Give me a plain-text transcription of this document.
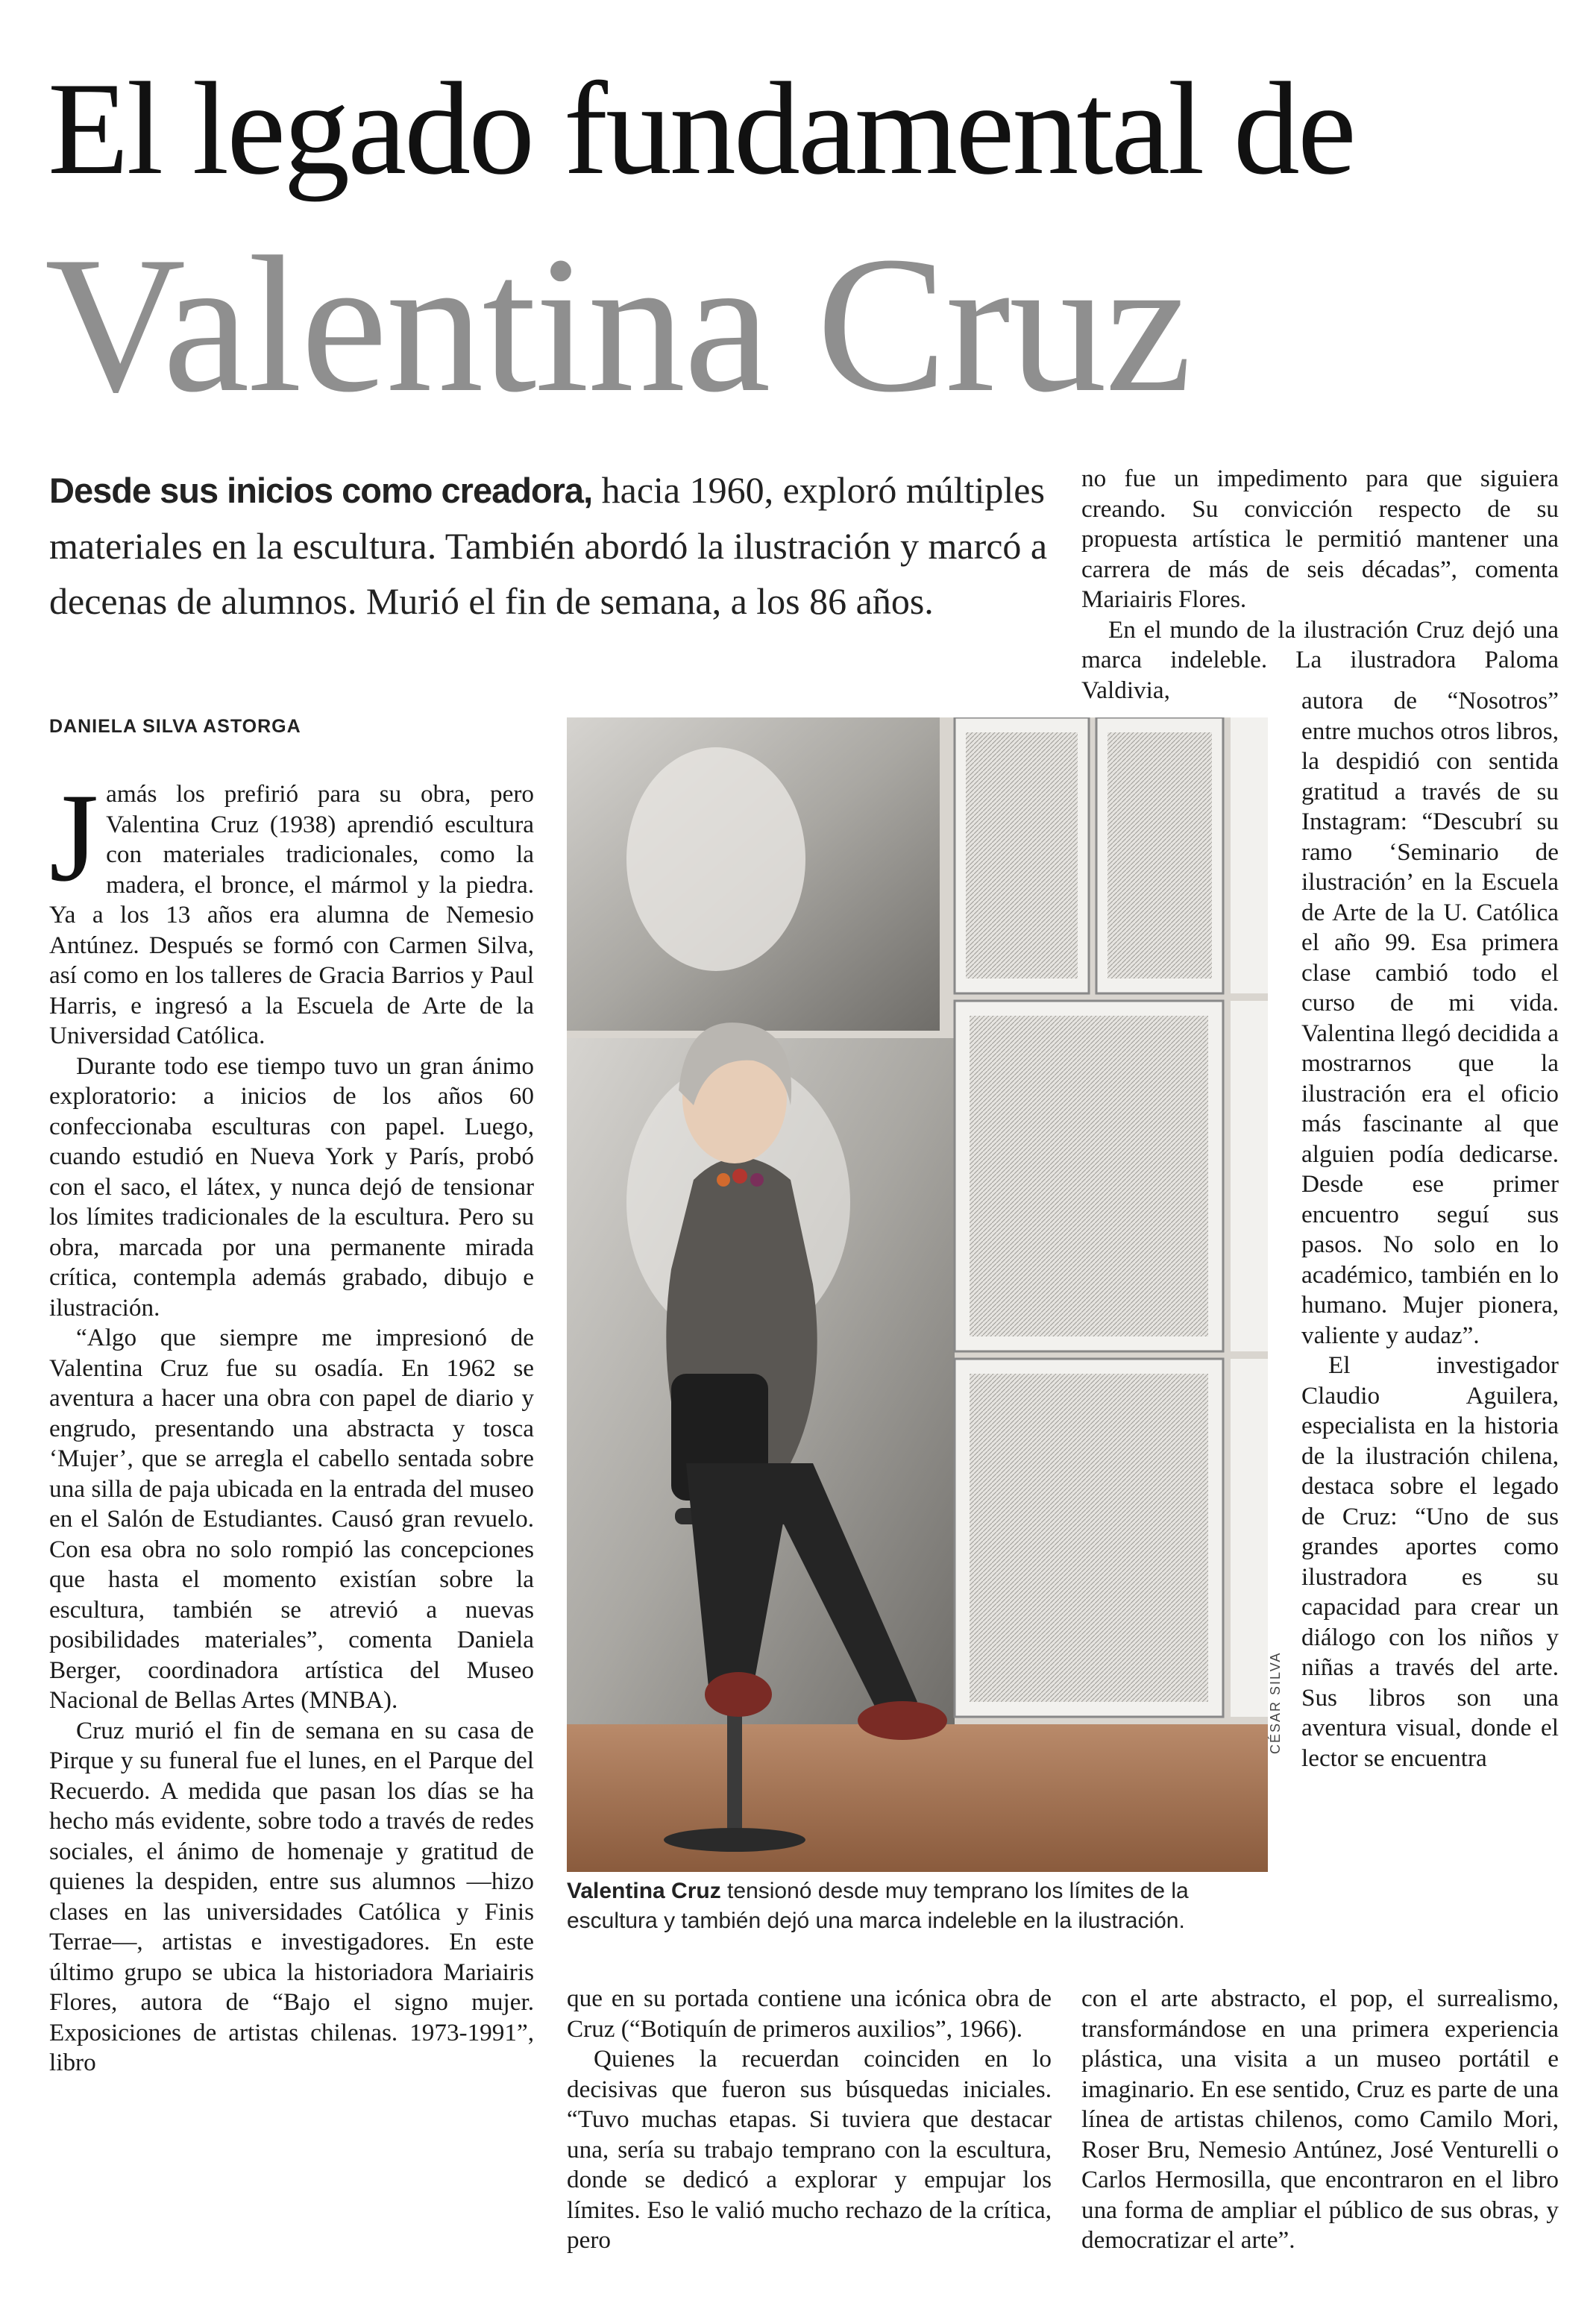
El legado fundamental de
Valentina Cruz
Desde sus inicios como creadora, hacia 1960, exploró múltiples materiales en la escultura. También abordó la ilustración y marcó a decenas de alumnos. Murió el fin de semana, a los 86 años.
DANIELA SILVA ASTORGA

Jamás los prefirió para su obra, pero Valentina Cruz (1938) aprendió escultura con materiales tradicionales, como la madera, el bronce, el mármol y la piedra. Ya a los 13 años era alumna de Nemesio Antúnez. Después se formó con Carmen Silva, así como en los talleres de Gracia Barrios y Paul Harris, e ingresó a la Escuela de Arte de la Universidad Católica.

Durante todo ese tiempo tuvo un gran ánimo exploratorio: a inicios de los años 60 confeccionaba esculturas con papel. Luego, cuando estudió en Nueva York y París, probó con el saco, el látex, y nunca dejó de tensionar los límites tradicionales de la escultura. Pero su obra, marcada por una permanente mirada crítica, contempla además grabado, dibujo e ilustración.

“Algo que siempre me impresionó de Valentina Cruz fue su osadía. En 1962 se aventura a hacer una obra con papel de diario y engrudo, presentando una abstracta y tosca ‘Mujer’, que se arregla el cabello sentada sobre una silla de paja ubicada en la entrada del museo en el Salón de Estudiantes. Causó gran revuelo. Con esa obra no solo rompió las concepciones que hasta el momento existían sobre la escultura, también se atrevió a nuevas posibilidades materiales”, comenta Daniela Berger, coordinadora artística del Museo Nacional de Bellas Artes (MNBA).

Cruz murió el fin de semana en su casa de Pirque y su funeral fue el lunes, en el Parque del Recuerdo. A medida que pasan los días se ha hecho más evidente, sobre todo a través de redes sociales, el ánimo de homenaje y gratitud de quienes la despiden, entre sus alumnos —hizo clases en las universidades Católica y Finis Terrae—, artistas e investigadores. En este último grupo se ubica la historiadora Mariairis Flores, autora de “Bajo el signo mujer. Exposiciones de artistas chilenas. 1973-1991”, libro

CÉSAR SILVA
Valentina Cruz tensionó desde muy temprano los límites de la escultura y también dejó una marca indeleble en la ilustración.

que en su portada contiene una icónica obra de Cruz (“Botiquín de primeros auxilios”, 1966).

Quienes la recuerdan coinciden en lo decisivas que fueron sus búsquedas iniciales. “Tuvo muchas etapas. Si tuviera que destacar una, sería su trabajo temprano con la escultura, donde se dedicó a explorar y empujar los límites. Eso le valió mucho rechazo de la crítica, pero

no fue un impedimento para que siguiera creando. Su convicción respecto de su propuesta artística le permitió mantener una carrera de más de seis décadas”, comenta Mariairis Flores.

En el mundo de la ilustración Cruz dejó una marca indeleble. La ilustradora Paloma Valdivia,	autora de “Nosotros” entre muchos otros libros, la despidió con sentida gratitud a través de su Instagram: “Descubrí su ramo ‘Seminario de ilustración’ en la Escuela de Arte de la U. Católica el año 99. Esa primera clase cambió todo el curso de mi vida. Valentina llegó decidida a mostrarnos que la ilustración era el oficio más fascinante al que alguien podía dedicarse. Desde ese primer encuentro seguí sus pasos. No solo en lo académico, también en lo humano. Mujer pionera, valiente y audaz”.

El investigador Claudio Aguilera, especialista en la historia de la ilustración chilena, destaca sobre el legado de Cruz: “Uno de sus grandes aportes como ilustradora es su capacidad para crear un diálogo con los niños y niñas a través del arte. Sus libros son una aventura visual, donde el lector se encuentra

con el arte abstracto, el pop, el surrealismo, transformándose en una primera experiencia plástica, una visita a un museo portátil e imaginario. En ese sentido, Cruz es parte de una línea de artistas chilenos, como Camilo Mori, Roser Bru, Nemesio Antúnez, José Venturelli o Carlos Hermosilla, que encontraron en el libro una forma de ampliar el público de sus obras, y democratizar el arte”.
